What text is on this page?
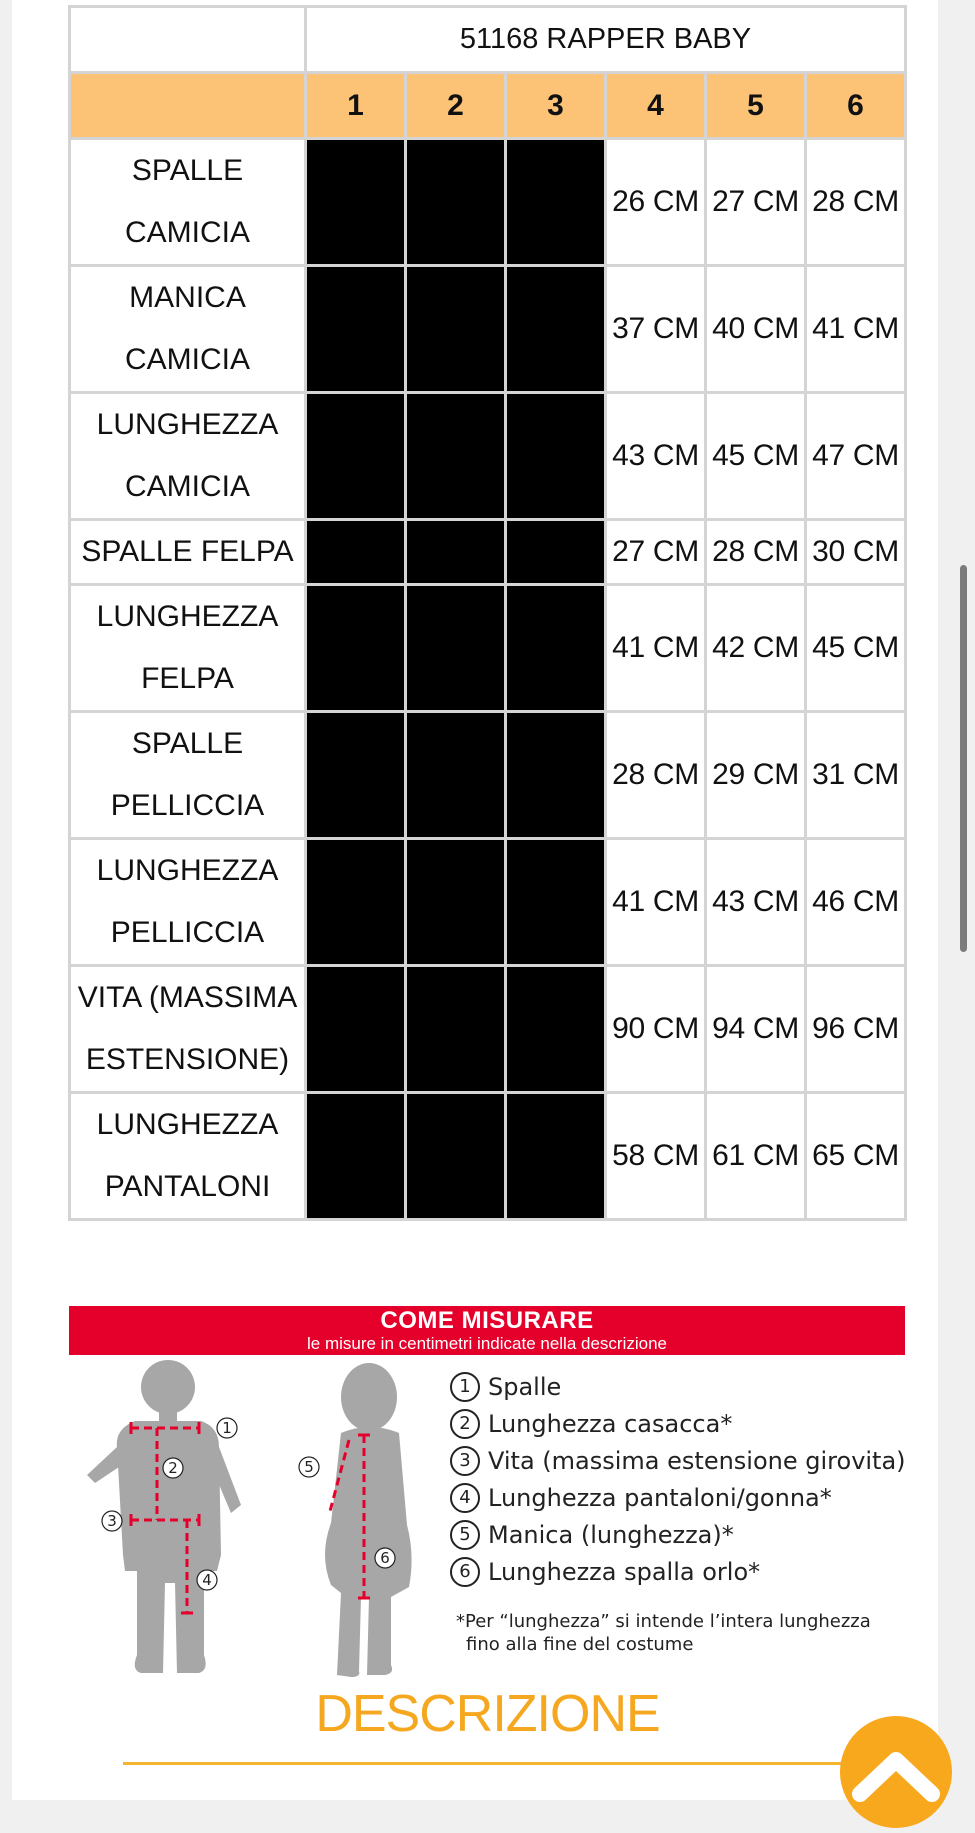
	51168 RAPPER BABY					
	1	2	3	4	5	6

SPALLE
CAMICIA				26 CM	27 CM	28 CM

MANICA
CAMICIA				37 CM	40 CM	41 CM

LUNGHEZZA
CAMICIA				43 CM	45 CM	47 CM

SPALLE FELPA				27 CM	28 CM	30 CM

LUNGHEZZA
FELPA				41 CM	42 CM	45 CM

SPALLE
PELLICCIA				28 CM	29 CM	31 CM

LUNGHEZZA
PELLICCIA				41 CM	43 CM	46 CM

VITA (MASSIMA
ESTENSIONE)				90 CM	94 CM	96 CM

LUNGHEZZA
PANTALONI				58 CM	61 CM	65 CM
COME MISURARE
le misure in centimetri indicate nella descrizione
1
2
3
4
5
6
1 Spalle
2 Lunghezza casacca*
3 Vita (massima estensione girovita)
4 Lunghezza pantaloni/gonna*
5 Manica (lunghezza)*
6 Lunghezza spalla orlo*
*Per “lunghezza” si intende l’intera lunghezza
fino alla fine del costume
DESCRIZIONE
